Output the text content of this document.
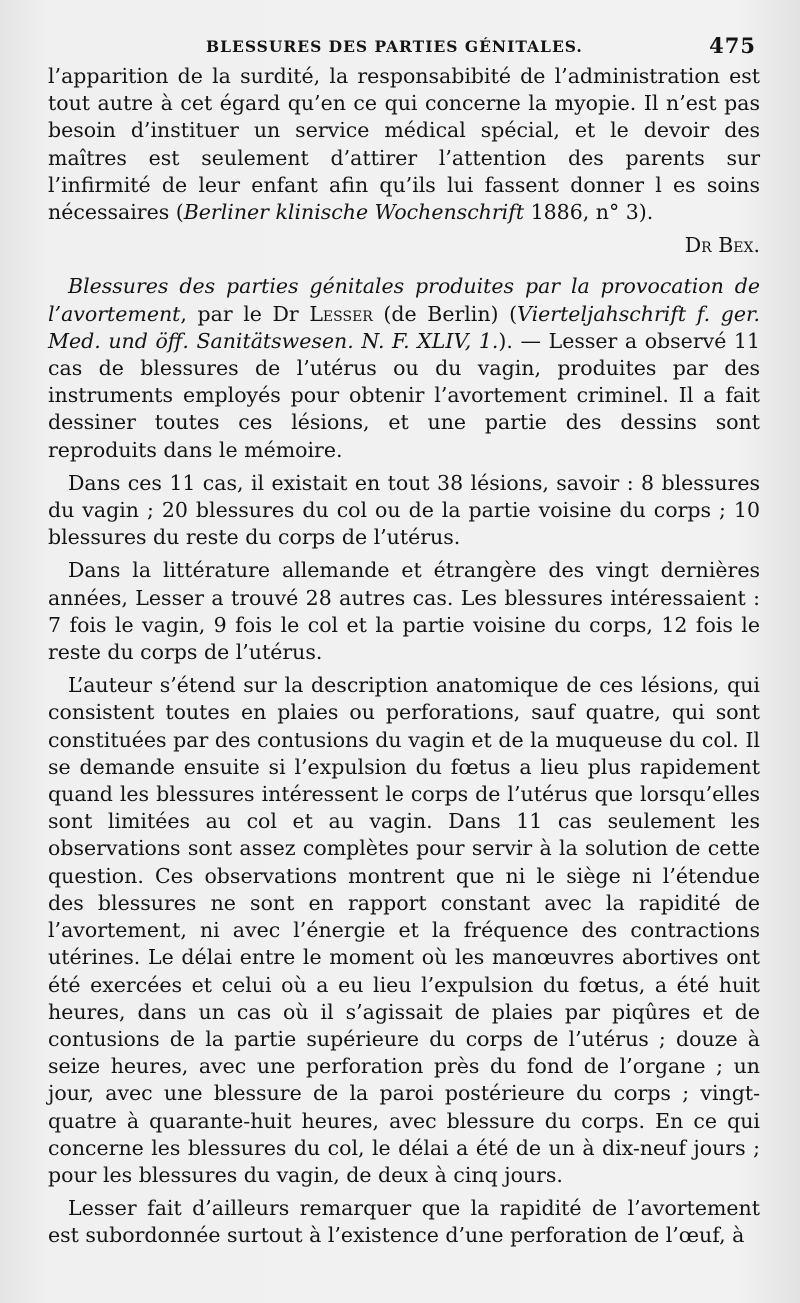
BLESSURES DES PARTIES GÉNITALES.	475

l’apparition de la surdité, la responsabibité de l’administration est tout autre à cet égard qu’en ce qui concerne la myopie. Il n’est pas besoin d’instituer un service médical spécial, et le devoir des maîtres est seulement d’attirer l’attention des parents sur l’infirmité de leur enfant afin qu’ils lui fassent donner l es soins nécessaires (Berliner klinische Wochenschrift 1886, n° 3).

Dr Bex.

Blessures des parties génitales produites par la provocation de l’avortement, par le Dr Lesser (de Berlin) (Vierteljahschrift f. ger. Med. und öff. Sanitätswesen. N. F. XLIV, 1.). — Lesser a observé 11 cas de blessures de l’utérus ou du vagin, produites par des instruments employés pour obtenir l’avortement criminel. Il a fait dessiner toutes ces lésions, et une partie des dessins sont reproduits dans le mémoire.

Dans ces 11 cas, il existait en tout 38 lésions, savoir : 8 blessures du vagin ; 20 blessures du col ou de la partie voisine du corps ; 10 blessures du reste du corps de l’utérus.

Dans la littérature allemande et étrangère des vingt dernières années, Lesser a trouvé 28 autres cas. Les blessures intéressaient : 7 fois le vagin, 9 fois le col et la partie voisine du corps, 12 fois le reste du corps de l’utérus.

L’auteur s’étend sur la description anatomique de ces lésions, qui consistent toutes en plaies ou perforations, sauf quatre, qui sont constituées par des contusions du vagin et de la muqueuse du col. Il se demande ensuite si l’expulsion du fœtus a lieu plus rapidement quand les blessures intéressent le corps de l’utérus que lorsqu’elles sont limitées au col et au vagin. Dans 11 cas seulement les observations sont assez complètes pour servir à la solution de cette question. Ces observations montrent que ni le siège ni l’étendue des blessures ne sont en rapport constant avec la rapidité de l’avortement, ni avec l’énergie et la fréquence des contractions utérines. Le délai entre le moment où les manœuvres abortives ont été exercées et celui où a eu lieu l’expulsion du fœtus, a été huit heures, dans un cas où il s’agissait de plaies par piqûres et de contusions de la partie supérieure du corps de l’utérus ; douze à seize heures, avec une perforation près du fond de l’organe ; un jour, avec une blessure de la paroi postérieure du corps ; vingt-quatre à quarante-huit heures, avec blessure du corps. En ce qui concerne les blessures du col, le délai a été de un à dix-neuf jours ; pour les blessures du vagin, de deux à cinq jours.

Lesser fait d’ailleurs remarquer que la rapidité de l’avortement est subordonnée surtout à l’existence d’une perforation de l’œuf, à
